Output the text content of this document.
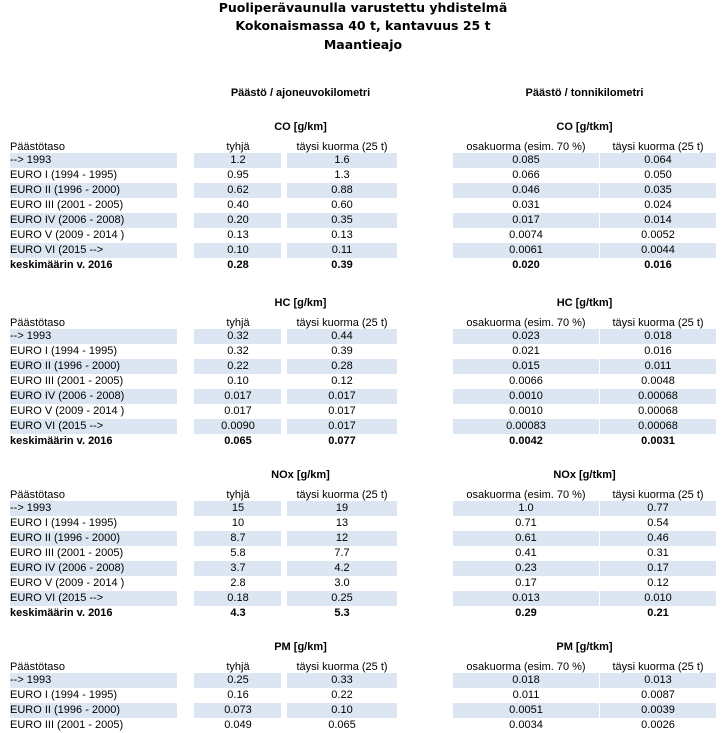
Puoliperävaunulla varustettu yhdistelmä
Kokonaismassa 40 t, kantavuus 25 t
Maantieajo
Päästö / ajoneuvokilometri	Päästö / tonnikilometri
CO [g/km]	CO [g/tkm]
Päästötaso	tyhjä	täysi kuorma (25 t)	osakuorma (esim. 70 %)	täysi kuorma (25 t)
--> 1993	1.2	1.6	0.085	0.064
EURO I (1994 - 1995)	0.95	1.3	0.066	0.050
EURO II (1996 - 2000)	0.62	0.88	0.046	0.035
EURO III (2001 - 2005)	0.40	0.60	0.031	0.024
EURO IV (2006 - 2008)	0.20	0.35	0.017	0.014
EURO V (2009 - 2014 )	0.13	0.13	0.0074	0.0052
EURO VI (2015 -->	0.10	0.11	0.0061	0.0044
keskimäärin v. 2016	0.28	0.39	0.020	0.016
HC [g/km]	HC [g/tkm]
Päästötaso	tyhjä	täysi kuorma (25 t)	osakuorma (esim. 70 %)	täysi kuorma (25 t)
--> 1993	0.32	0.44	0.023	0.018
EURO I (1994 - 1995)	0.32	0.39	0.021	0.016
EURO II (1996 - 2000)	0.22	0.28	0.015	0.011
EURO III (2001 - 2005)	0.10	0.12	0.0066	0.0048
EURO IV (2006 - 2008)	0.017	0.017	0.0010	0.00068
EURO V (2009 - 2014 )	0.017	0.017	0.0010	0.00068
EURO VI (2015 -->	0.0090	0.017	0.00083	0.00068
keskimäärin v. 2016	0.065	0.077	0.0042	0.0031
NOx [g/km]	NOx [g/tkm]
Päästötaso	tyhjä	täysi kuorma (25 t)	osakuorma (esim. 70 %)	täysi kuorma (25 t)
--> 1993	15	19	1.0	0.77
EURO I (1994 - 1995)	10	13	0.71	0.54
EURO II (1996 - 2000)	8.7	12	0.61	0.46
EURO III (2001 - 2005)	5.8	7.7	0.41	0.31
EURO IV (2006 - 2008)	3.7	4.2	0.23	0.17
EURO V (2009 - 2014 )	2.8	3.0	0.17	0.12
EURO VI (2015 -->	0.18	0.25	0.013	0.010
keskimäärin v. 2016	4.3	5.3	0.29	0.21
PM [g/km]	PM [g/tkm]
Päästötaso	tyhjä	täysi kuorma (25 t)	osakuorma (esim. 70 %)	täysi kuorma (25 t)
--> 1993	0.25	0.33	0.018	0.013
EURO I (1994 - 1995)	0.16	0.22	0.011	0.0087
EURO II (1996 - 2000)	0.073	0.10	0.0051	0.0039
EURO III (2001 - 2005)	0.049	0.065	0.0034	0.0026
